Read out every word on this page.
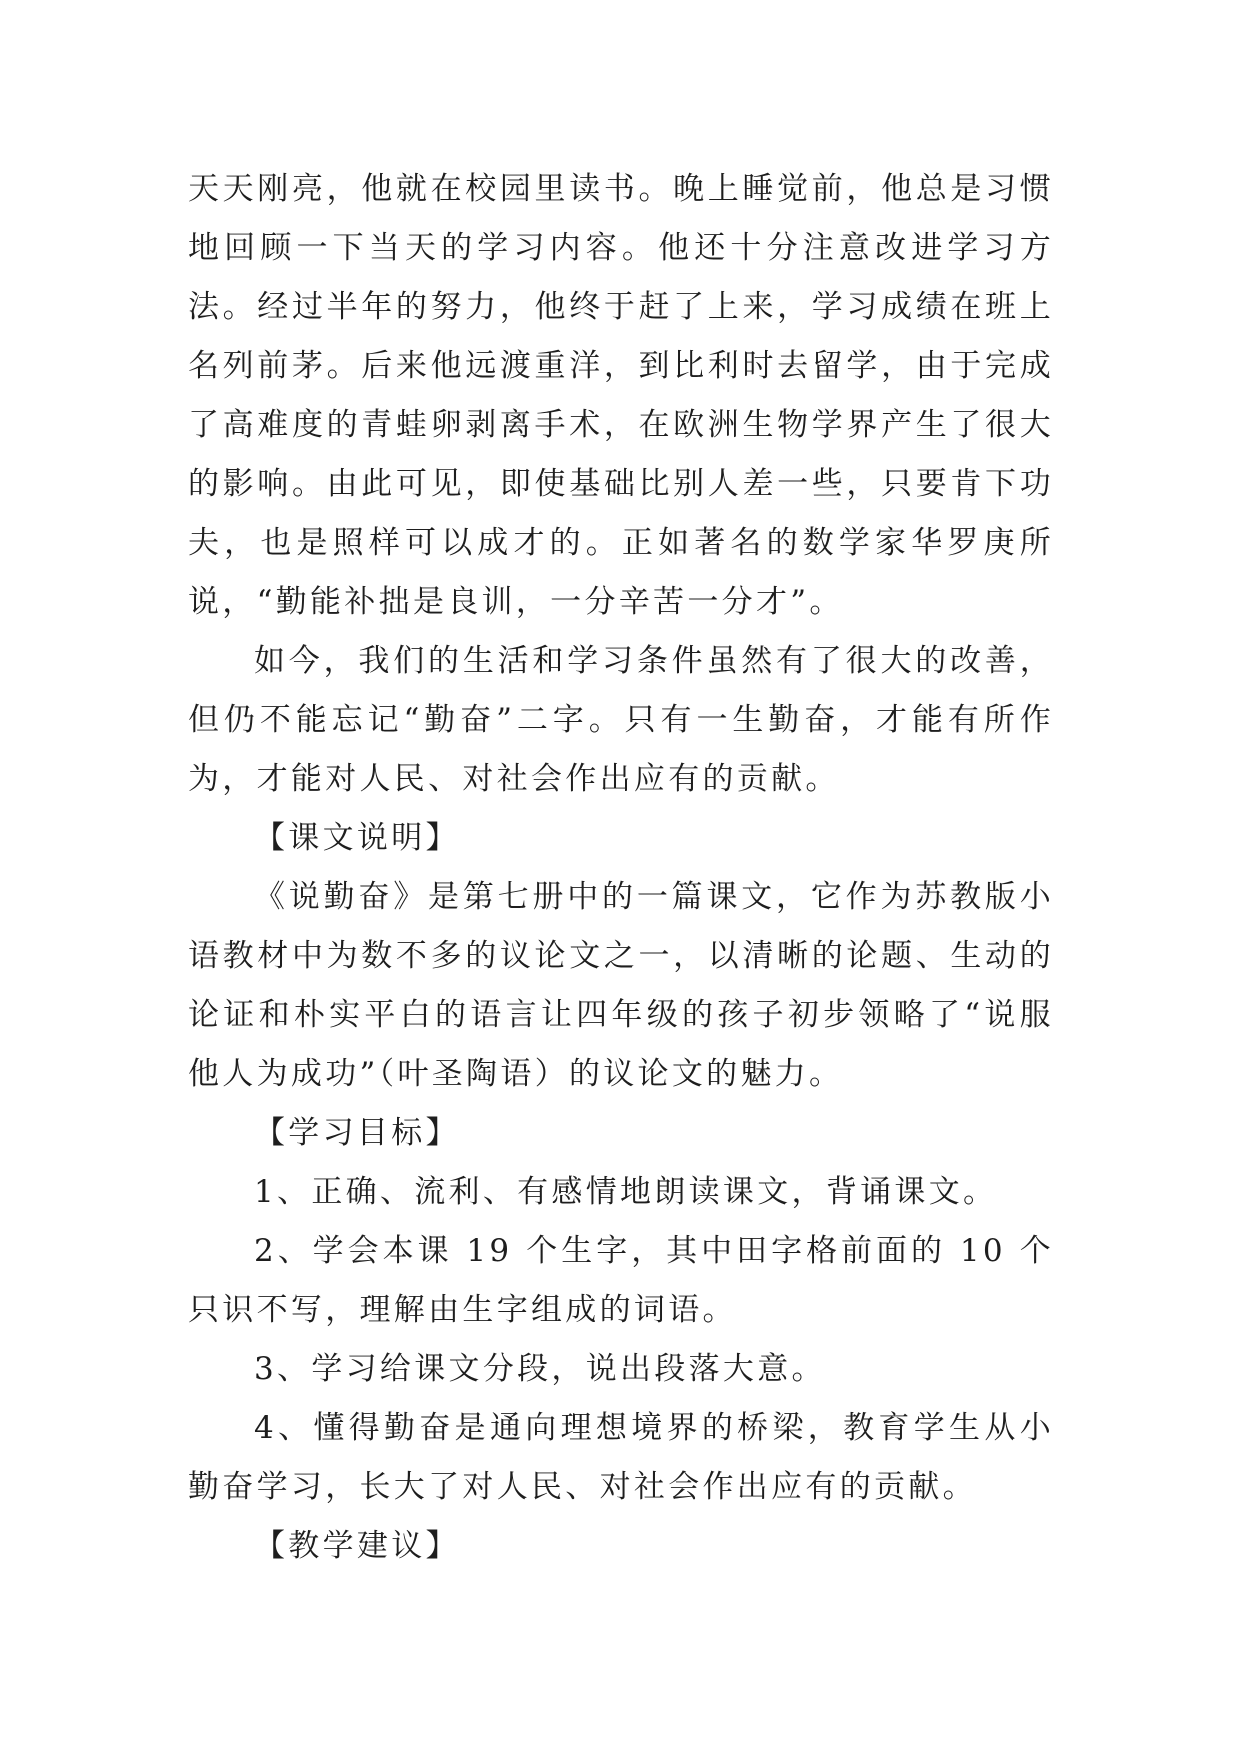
天天刚亮，他就在校园里读书。晚上睡觉前，他总是习惯地回顾一下当天的学习内容。他还十分注意改进学习方法。经过半年的努力，他终于赶了上来，学习成绩在班上名列前茅。后来他远渡重洋，到比利时去留学，由于完成了高难度的青蛙卵剥离手术，在欧洲生物学界产生了很大的影响。由此可见，即使基础比别人差一些，只要肯下功夫，也是照样可以成才的。正如著名的数学家华罗庚所说，“勤能补拙是良训，一分辛苦一分才”。

如今，我们的生活和学习条件虽然有了很大的改善，但仍不能忘记“勤奋”二字。只有一生勤奋，才能有所作为，才能对人民、对社会作出应有的贡献。

【课文说明】

《说勤奋》是第七册中的一篇课文，它作为苏教版小语教材中为数不多的议论文之一，以清晰的论题、生动的论证和朴实平白的语言让四年级的孩子初步领略了“说服他人为成功”（叶圣陶语）的议论文的魅力。

【学习目标】

1、正确、流利、有感情地朗读课文，背诵课文。

2、学会本课 19 个生字，其中田字格前面的 10 个只识不写，理解由生字组成的词语。

3、学习给课文分段，说出段落大意。

4、懂得勤奋是通向理想境界的桥梁，教育学生从小勤奋学习，长大了对人民、对社会作出应有的贡献。

【教学建议】
